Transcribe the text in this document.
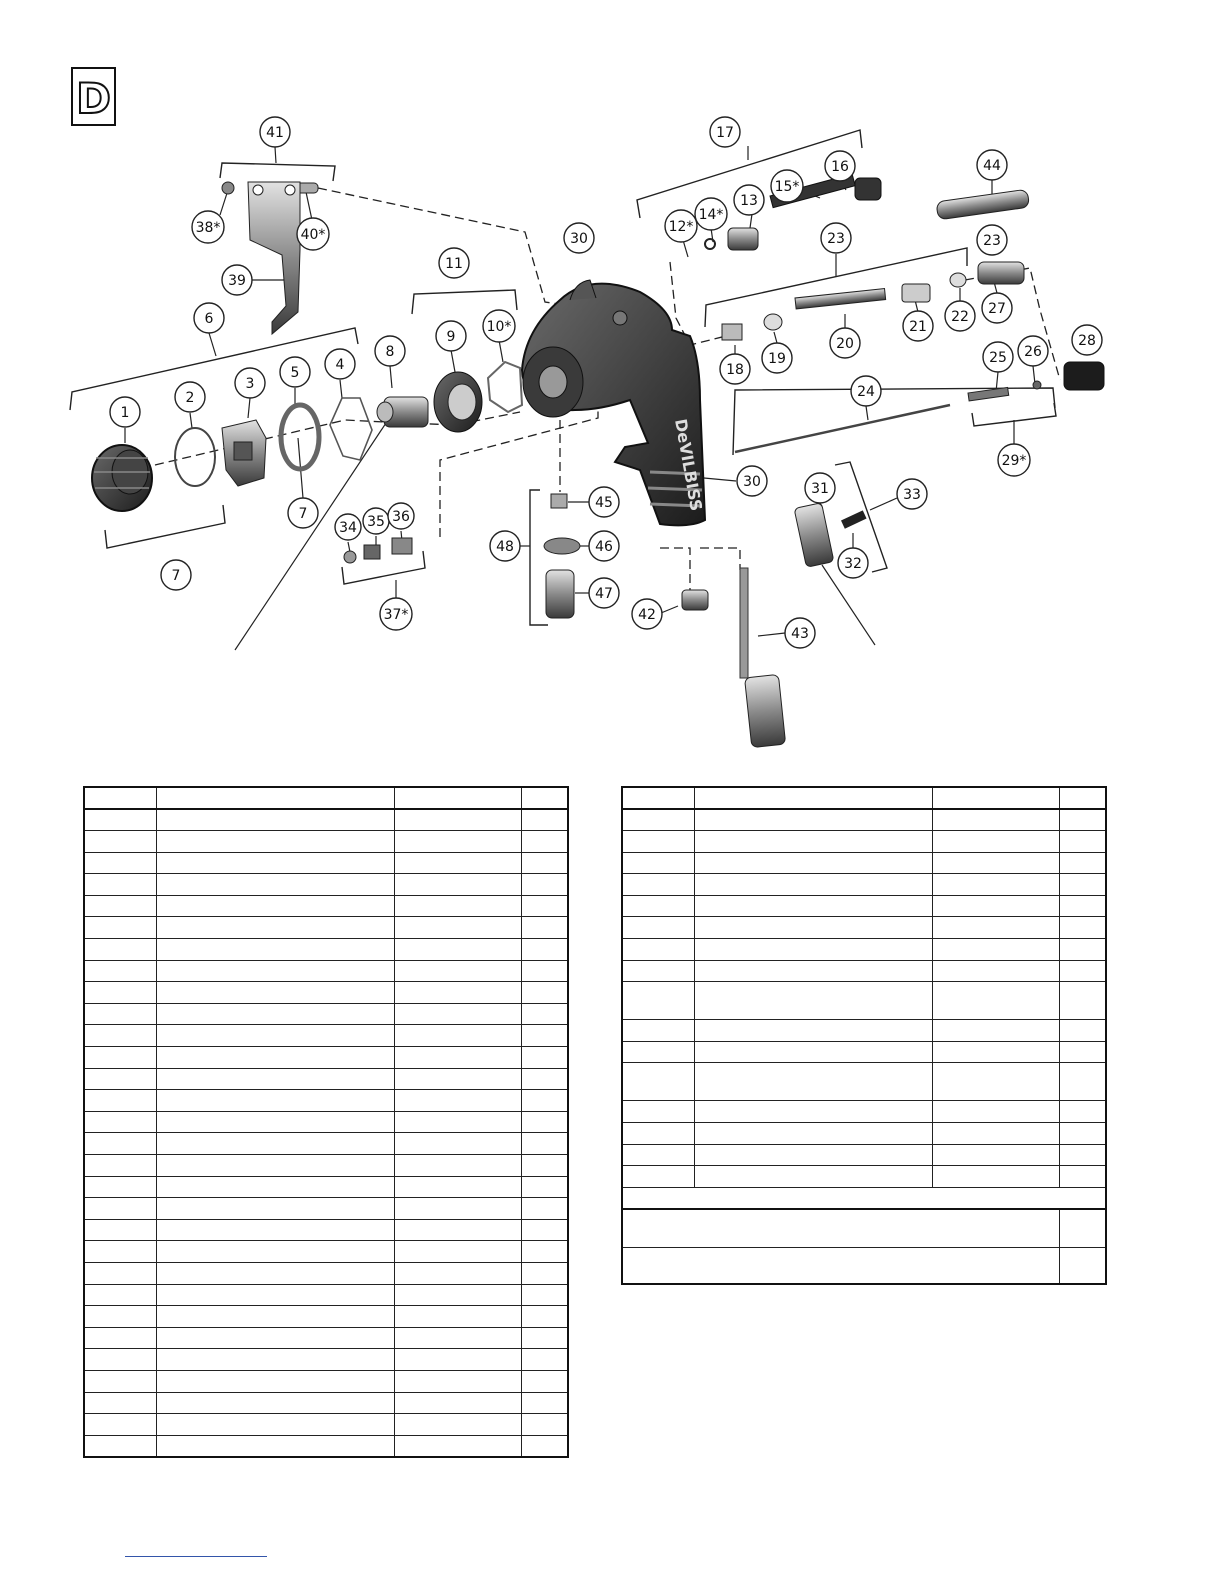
D
DeVILBISS
1
2
3
4
5
6
7
7
8
9
10*
11
12*
13
14*
15*
16
17
18
19
20
21
22
23	23
24
25 26
27
28
29*
30
30	31
32
33
34 35 36
37*
38*
39
40*
41
42
43
44
45
46
47
48
